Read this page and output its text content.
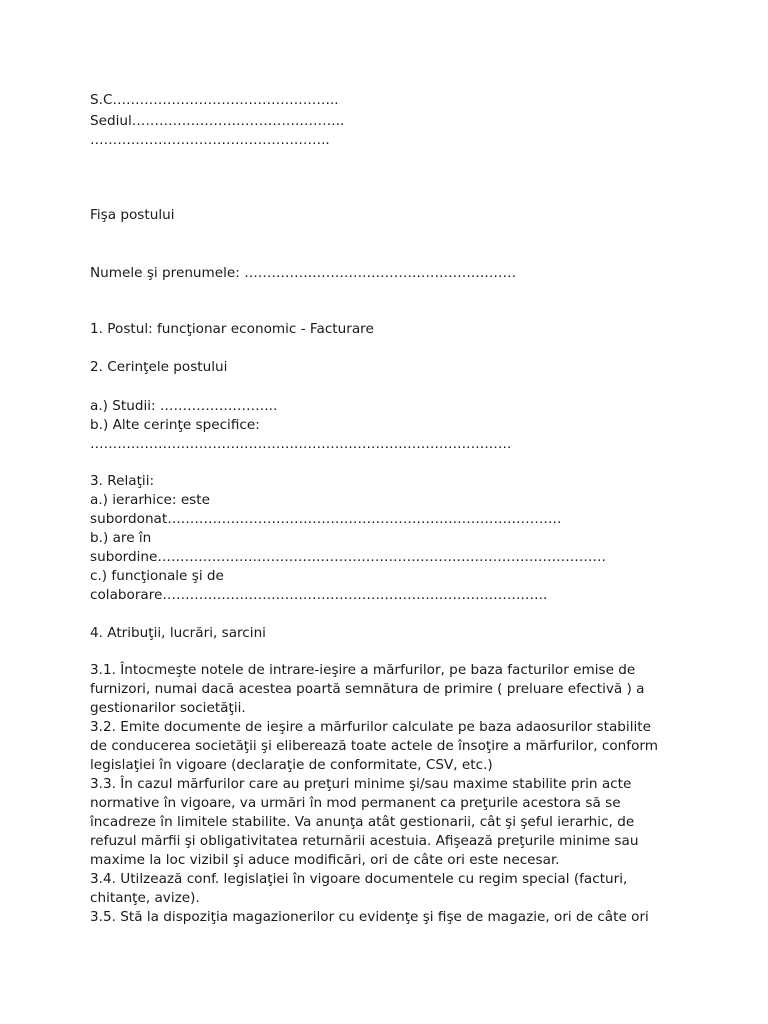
S.C…………………………………………..

Sediul………………………………………..

……………………………………………..

Fişa postului

Numele şi prenumele: ……………………………………………………

1. Postul: funcţionar economic - Facturare

2. Cerinţele postului

a.) Studii: ……………………..

b.) Alte cerinţe specifice:

…………………………………………………………………………………

3. Relaţii:

a.) ierarhice: este

subordonat……………………………………………………………………………

b.) are în

subordine………………………………………………………………………………………

c.) funcţionale şi de

colaborare………………………………………………………………………….

4. Atribuţii, lucrări, sarcini

3.1. Întocmeşte notele de intrare-ieşire a mărfurilor, pe baza facturilor emise de

furnizori, numai dacă acestea poartă semnătura de primire ( preluare efectivă ) a

gestionarilor societăţii.

3.2. Emite documente de ieşire a mărfurilor calculate pe baza adaosurilor stabilite

de conducerea societăţii şi eliberează toate actele de însoţire a mărfurilor, conform

legislaţiei în vigoare (declaraţie de conformitate, CSV, etc.)

3.3. În cazul mărfurilor care au preţuri minime şi/sau maxime stabilite prin acte

normative în vigoare, va urmări în mod permanent ca preţurile acestora să se

încadreze în limitele stabilite. Va anunţa atât gestionarii, cât şi şeful ierarhic, de

refuzul mărfii şi obligativitatea returnării acestuia. Afişează preţurile minime sau

maxime la loc vizibil şi aduce modificări, ori de câte ori este necesar.

3.4. Utilzează conf. legislaţiei în vigoare documentele cu regim special (facturi,

chitanţe, avize).

3.5. Stă la dispoziţia magazionerilor cu evidenţe şi fişe de magazie, ori de câte ori
